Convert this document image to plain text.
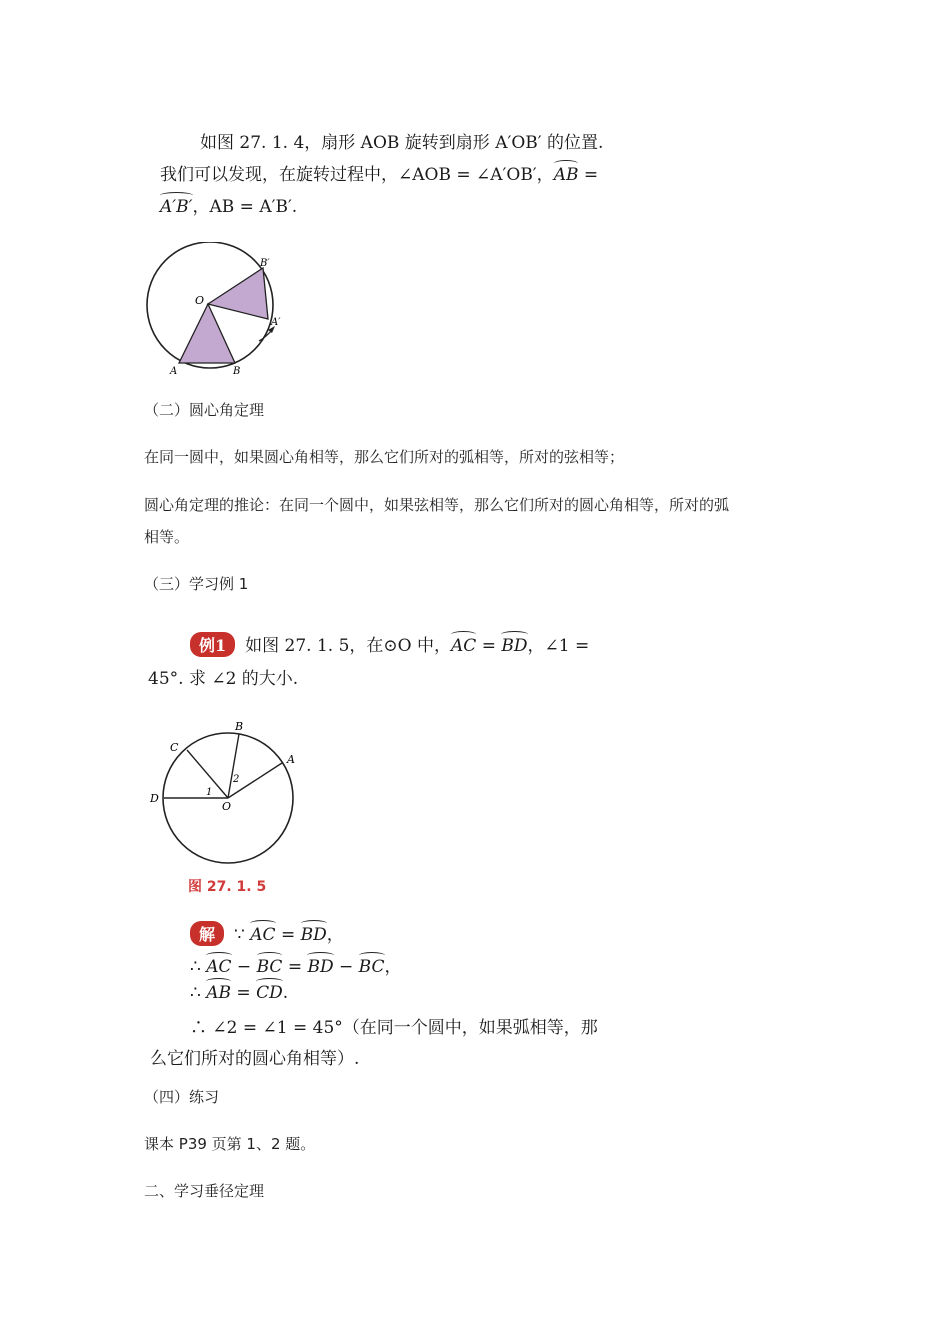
如图 27. 1. 4，扇形 AOB 旋转到扇形 A′OB′ 的位置.
我们可以发现，在旋转过程中，∠AOB = ∠A′OB′，AB =
A′B′，AB = A′B′.
O
A	B
A′
B′
（二）圆心角定理
在同一圆中，如果圆心角相等，那么它们所对的弧相等，所对的弦相等；
圆心角定理的推论：在同一个圆中，如果弦相等，那么它们所对的圆心角相等，所对的弧
相等。
（三）学习例 1
例1 如图 27. 1. 5，在⊙O 中，AC = BD，∠1 =
45°. 求 ∠2 的大小.
B
C
A
D
O
1
2
图 27. 1. 5
解 ∵ AC = BD，
∴ AC − BC = BD − BC，
∴ AB = CD.
∴ ∠2 = ∠1 = 45°（在同一个圆中，如果弧相等，那
么它们所对的圆心角相等）.
（四）练习
课本 P39 页第 1、2 题。
二、学习垂径定理
